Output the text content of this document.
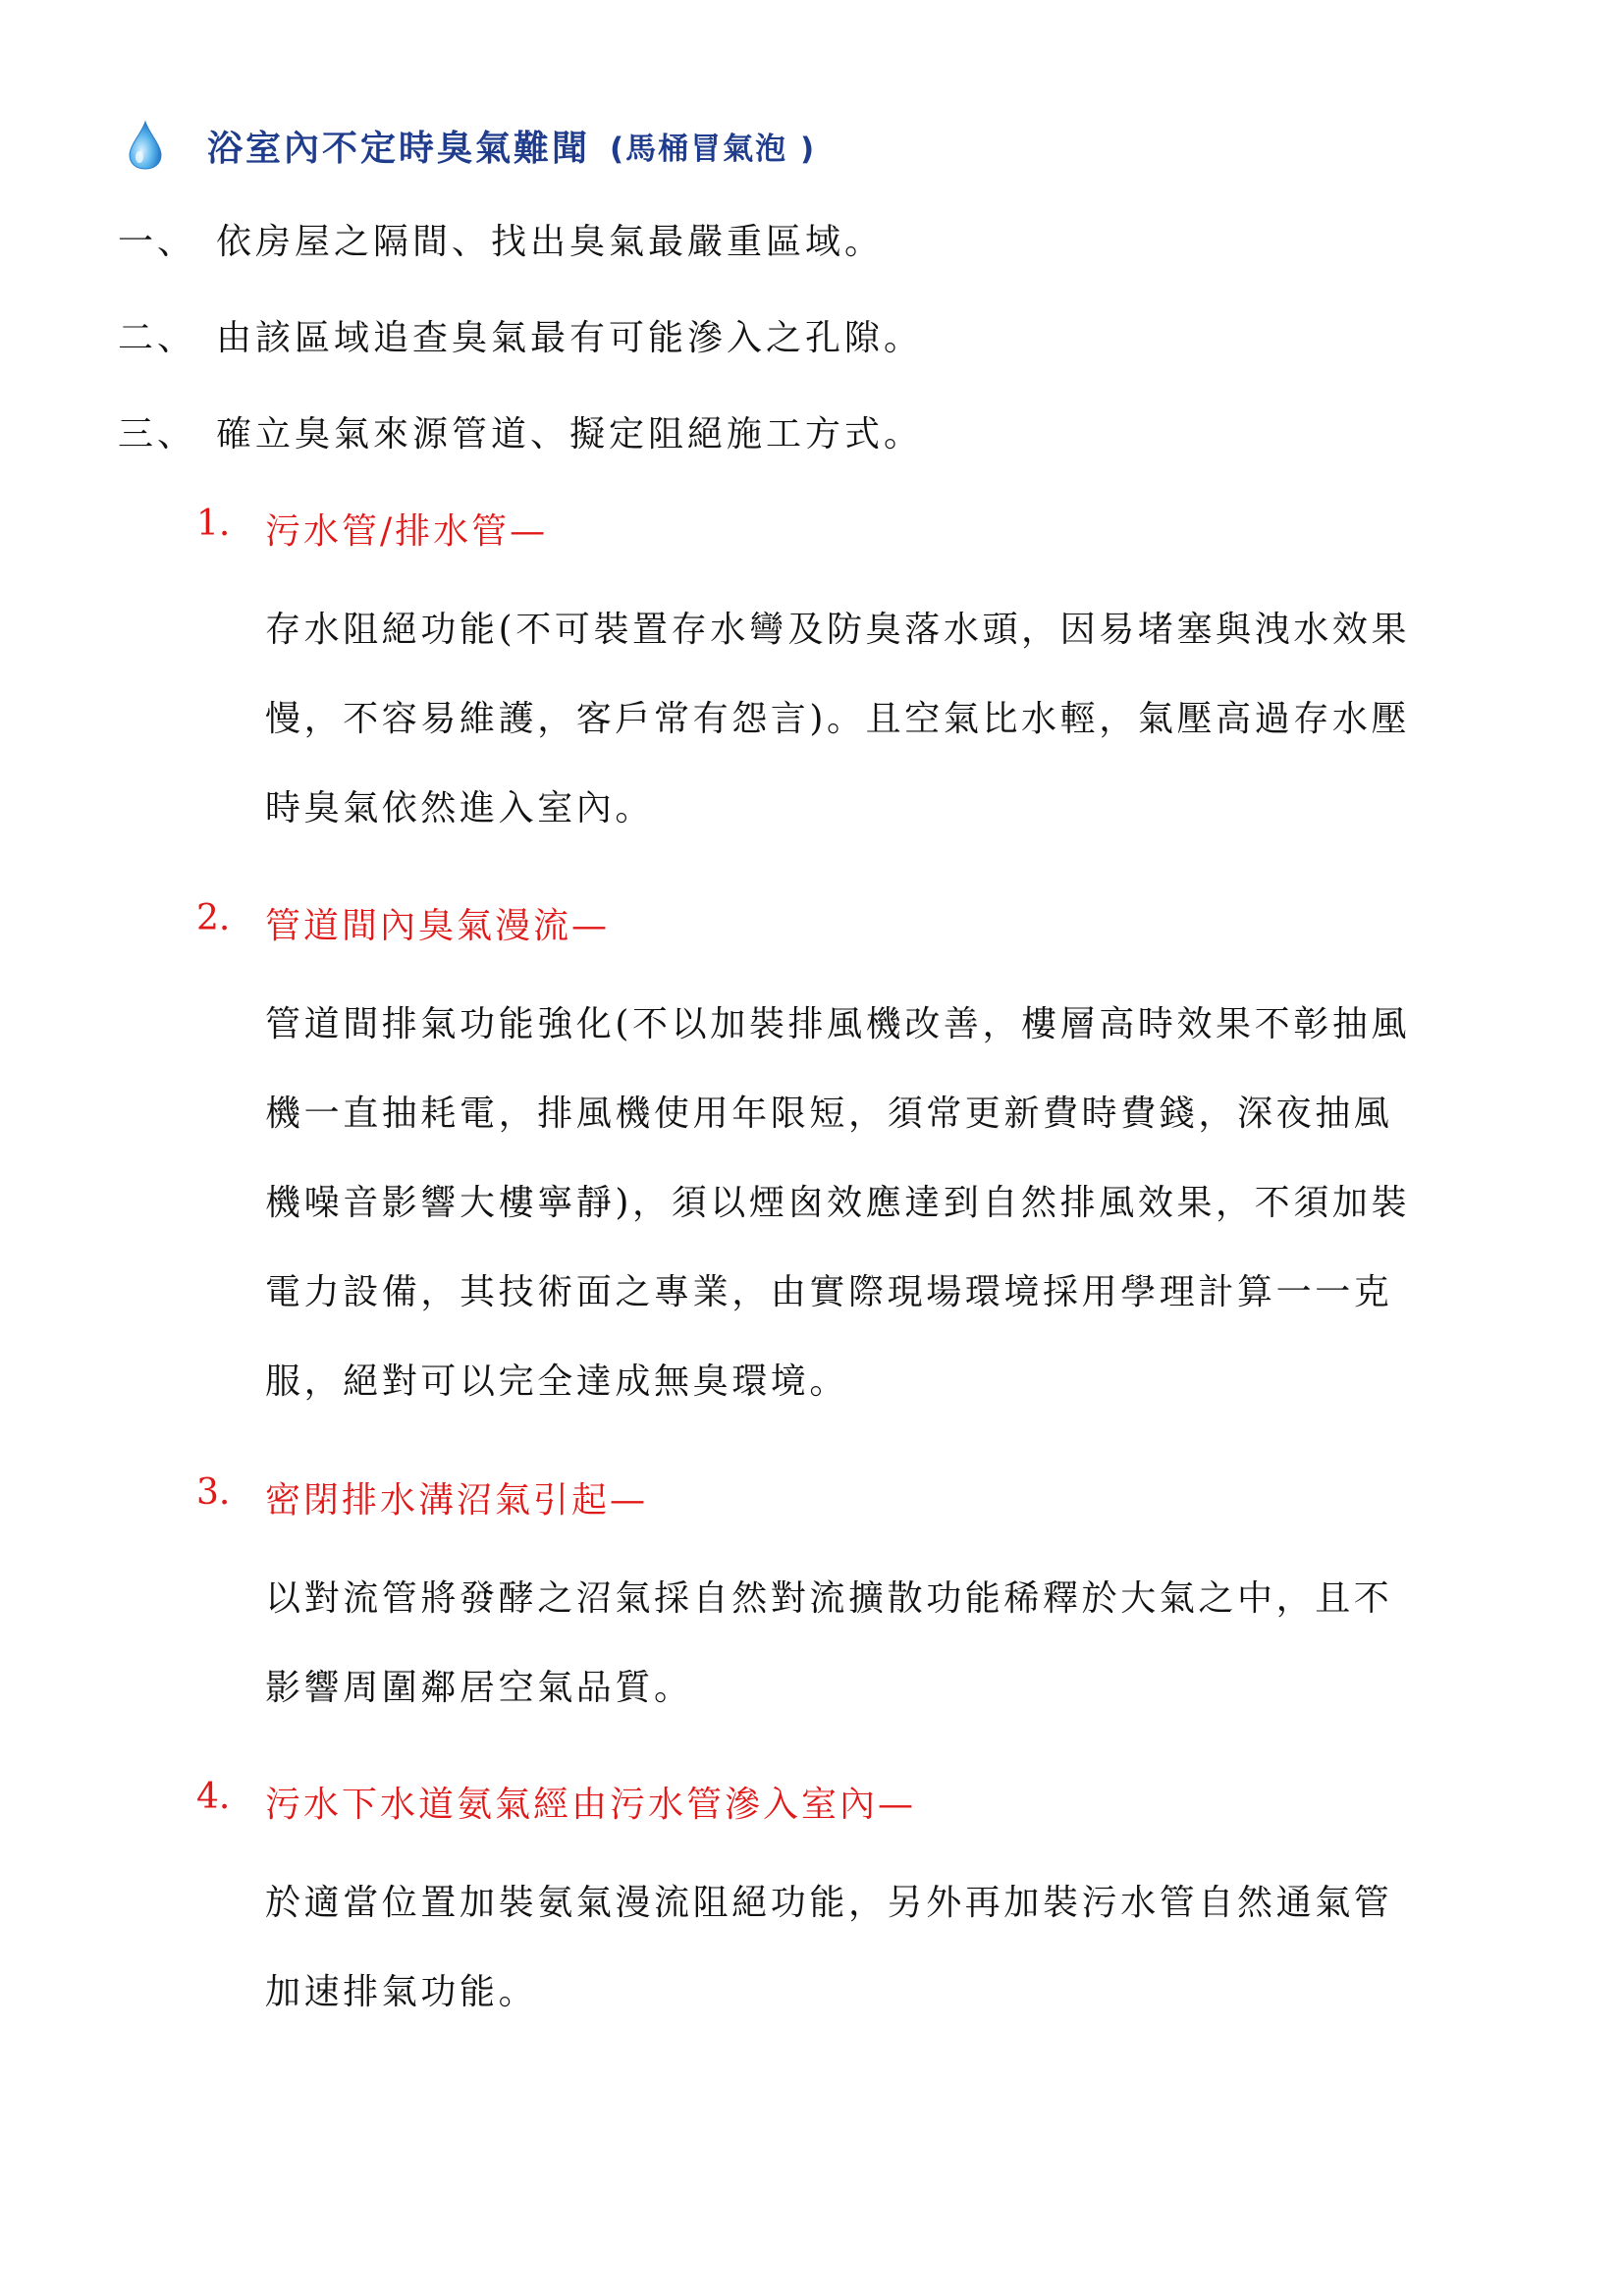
浴室內不定時臭氣難聞 (馬桶冒氣泡 )
一、 依房屋之隔間、找出臭氣最嚴重區域。
二、 由該區域追查臭氣最有可能滲入之孔隙。
三、 確立臭氣來源管道、擬定阻絕施工方式。
1. 污水管/排水管—
存水阻絕功能(不可裝置存水彎及防臭落水頭，因易堵塞與洩水效果
慢，不容易維護，客戶常有怨言)。且空氣比水輕，氣壓高過存水壓
時臭氣依然進入室內。
2. 管道間內臭氣漫流—
管道間排氣功能強化(不以加裝排風機改善，樓層高時效果不彰抽風
機一直抽耗電，排風機使用年限短，須常更新費時費錢，深夜抽風
機噪音影響大樓寧靜)，須以煙囪效應達到自然排風效果，不須加裝
電力設備，其技術面之專業，由實際現場環境採用學理計算一一克
服，絕對可以完全達成無臭環境。
3. 密閉排水溝沼氣引起—
以對流管將發酵之沼氣採自然對流擴散功能稀釋於大氣之中，且不
影響周圍鄰居空氣品質。
4. 污水下水道氨氣經由污水管滲入室內—
於適當位置加裝氨氣漫流阻絕功能，另外再加裝污水管自然通氣管
加速排氣功能。
